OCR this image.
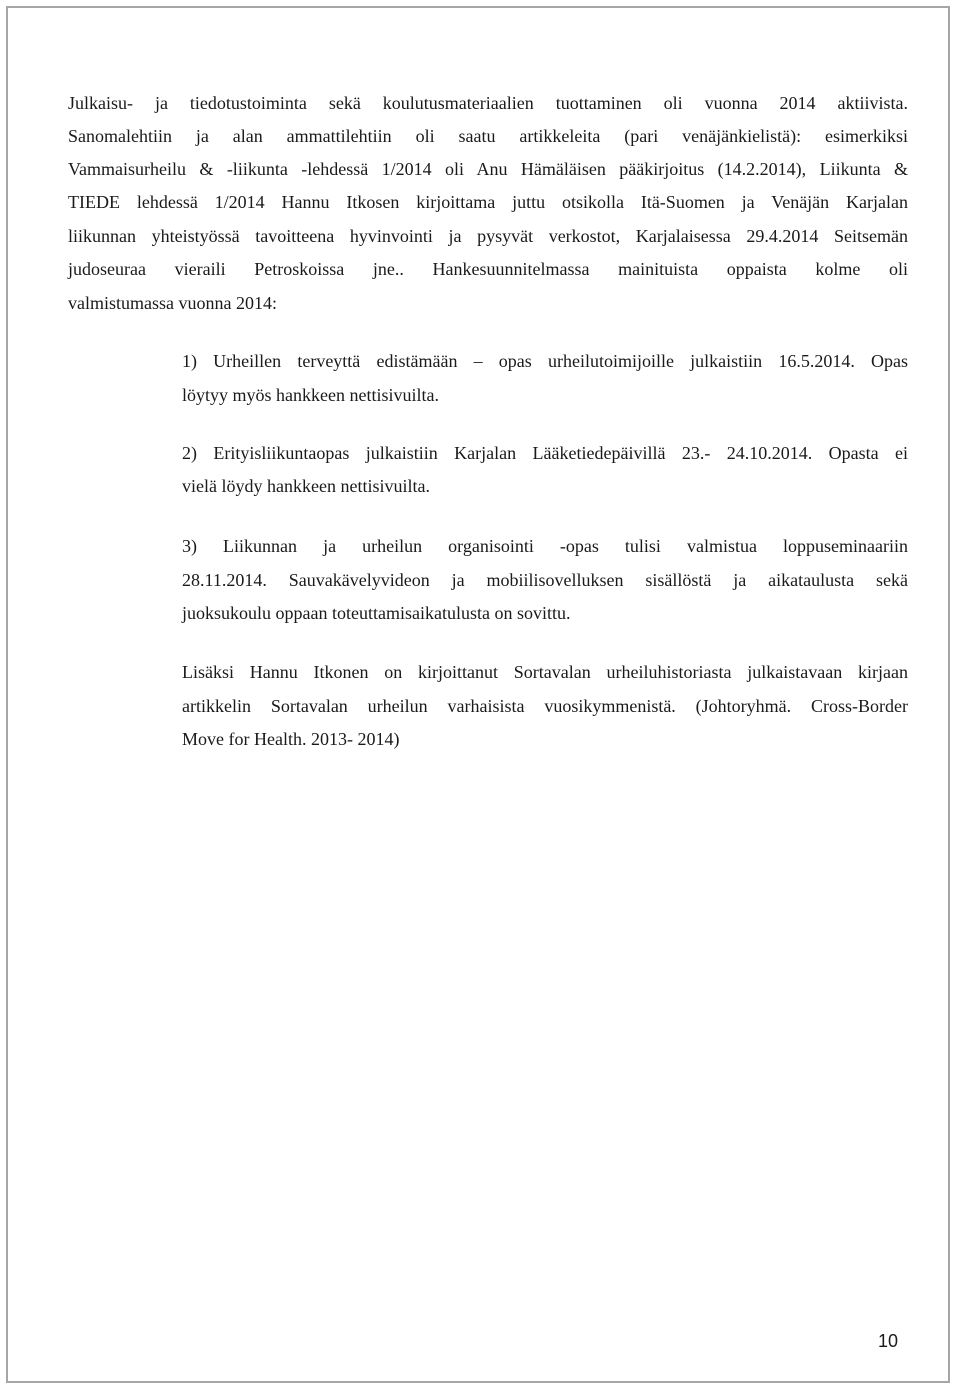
Julkaisu- ja tiedotustoiminta sekä koulutusmateriaalien tuottaminen oli vuonna 2014 aktiivista.
Sanomalehtiin ja alan ammattilehtiin oli saatu artikkeleita (pari venäjänkielistä): esimerkiksi
Vammaisurheilu & -liikunta -lehdessä 1/2014 oli Anu Hämäläisen pääkirjoitus (14.2.2014), Liikunta &
TIEDE lehdessä 1/2014 Hannu Itkosen kirjoittama juttu otsikolla Itä-Suomen ja Venäjän Karjalan
liikunnan yhteistyössä tavoitteena hyvinvointi ja pysyvät verkostot, Karjalaisessa 29.4.2014 Seitsemän
judoseuraa vieraili Petroskoissa jne.. Hankesuunnitelmassa mainituista oppaista kolme oli
valmistumassa vuonna 2014:
1) Urheillen terveyttä edistämään – opas urheilutoimijoille julkaistiin 16.5.2014. Opas
löytyy myös hankkeen nettisivuilta.
2) Erityisliikuntaopas julkaistiin Karjalan Lääketiedepäivillä 23.- 24.10.2014. Opasta ei
vielä löydy hankkeen nettisivuilta.
3) Liikunnan ja urheilun organisointi -opas tulisi valmistua loppuseminaariin
28.11.2014. Sauvakävelyvideon ja mobiilisovelluksen sisällöstä ja aikataulusta sekä
juoksukoulu oppaan toteuttamisaikatulusta on sovittu.
Lisäksi Hannu Itkonen on kirjoittanut Sortavalan urheiluhistoriasta julkaistavaan kirjaan
artikkelin Sortavalan urheilun varhaisista vuosikymmenistä. (Johtoryhmä. Cross-Border
Move for Health. 2013- 2014)
10
